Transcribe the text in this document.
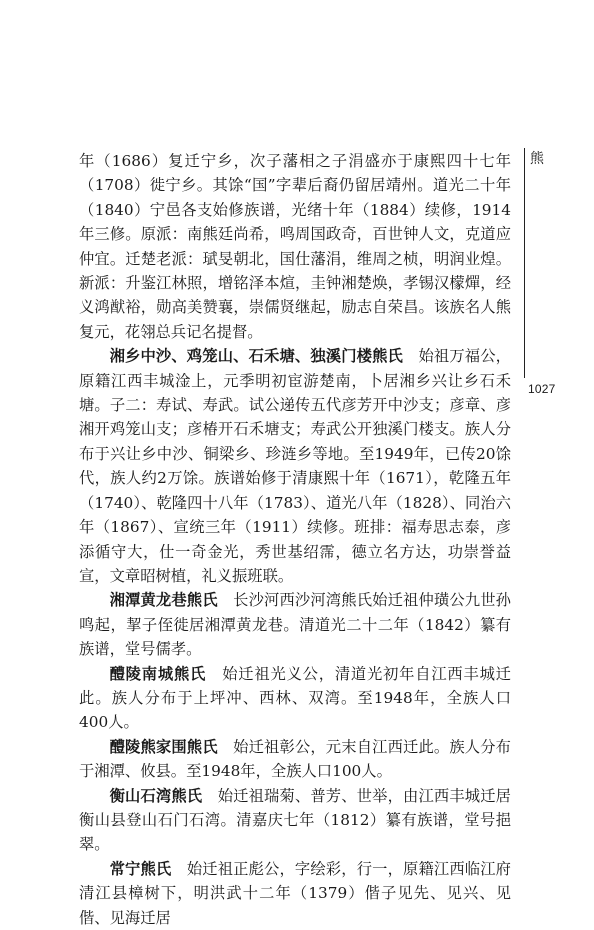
年（1686）复迁宁乡，次子藩相之子涓盛亦于康熙四十七年（1708）徙宁乡。其馀“国”字辈后裔仍留居靖州。道光二十年（1840）宁邑各支始修族谱，光绪十年（1884）续修，1914年三修。原派：南熊廷尚希，鸣周国政奇，百世钟人文，克道应仲宜。迁楚老派：珷旻朝北，国仕藩涓，维周之桢，明润业煌。新派：升鉴江林照，增铭泽本煊，圭钟湘楚焕，孝锡汉檬燀，经义鸿猷裕，勋高美赞襄，崇儒贤继起，励志自荣昌。该族名人熊复元，花翎总兵记名提督。

湘乡中沙、鸡笼山、石禾塘、独溪门楼熊氏　 始祖万福公，原籍江西丰城淦上，元季明初宦游楚南，卜居湘乡兴让乡石禾塘。子二：寿试、寿武。试公递传五代彦芳开中沙支；彦章、彦湘开鸡笼山支；彦椿开石禾塘支；寿武公开独溪门楼支。族人分布于兴让乡中沙、铜梁乡、珍涟乡等地。至1949年，已传20馀代，族人约2万馀。族谱始修于清康熙十年（1671），乾隆五年（1740）、乾隆四十八年（1783）、道光八年（1828）、同治六年（1867）、宣统三年（1911）续修。班排：福寿思志泰，彦添循守大，仕一奇金光，秀世基绍霈，德立名方达，功崇誉益宣，文章昭树植，礼义振班联。

湘潭黄龙巷熊氏　 长沙河西沙河湾熊氏始迁祖仲璜公九世孙鸣起，挈子侄徙居湘潭黄龙巷。清道光二十二年（1842）纂有族谱，堂号儒孝。

醴陵南城熊氏　 始迁祖光义公，清道光初年自江西丰城迁此。族人分布于上坪冲、西林、双湾。至1948年，全族人口400人。

醴陵熊家围熊氏　 始迁祖彰公，元末自江西迁此。族人分布于湘潭、攸县。至1948年，全族人口100人。

衡山石湾熊氏　 始迁祖瑞菊、普芳、世举，由江西丰城迁居衡山县登山石门石湾。清嘉庆七年（1812）纂有族谱，堂号挹翠。

常宁熊氏　 始迁祖正彪公，字绘彩，行一，原籍江西临江府清江县樟树下，明洪武十二年（1379）偕子见先、见兴、见偕、见海迁居

熊
1027
